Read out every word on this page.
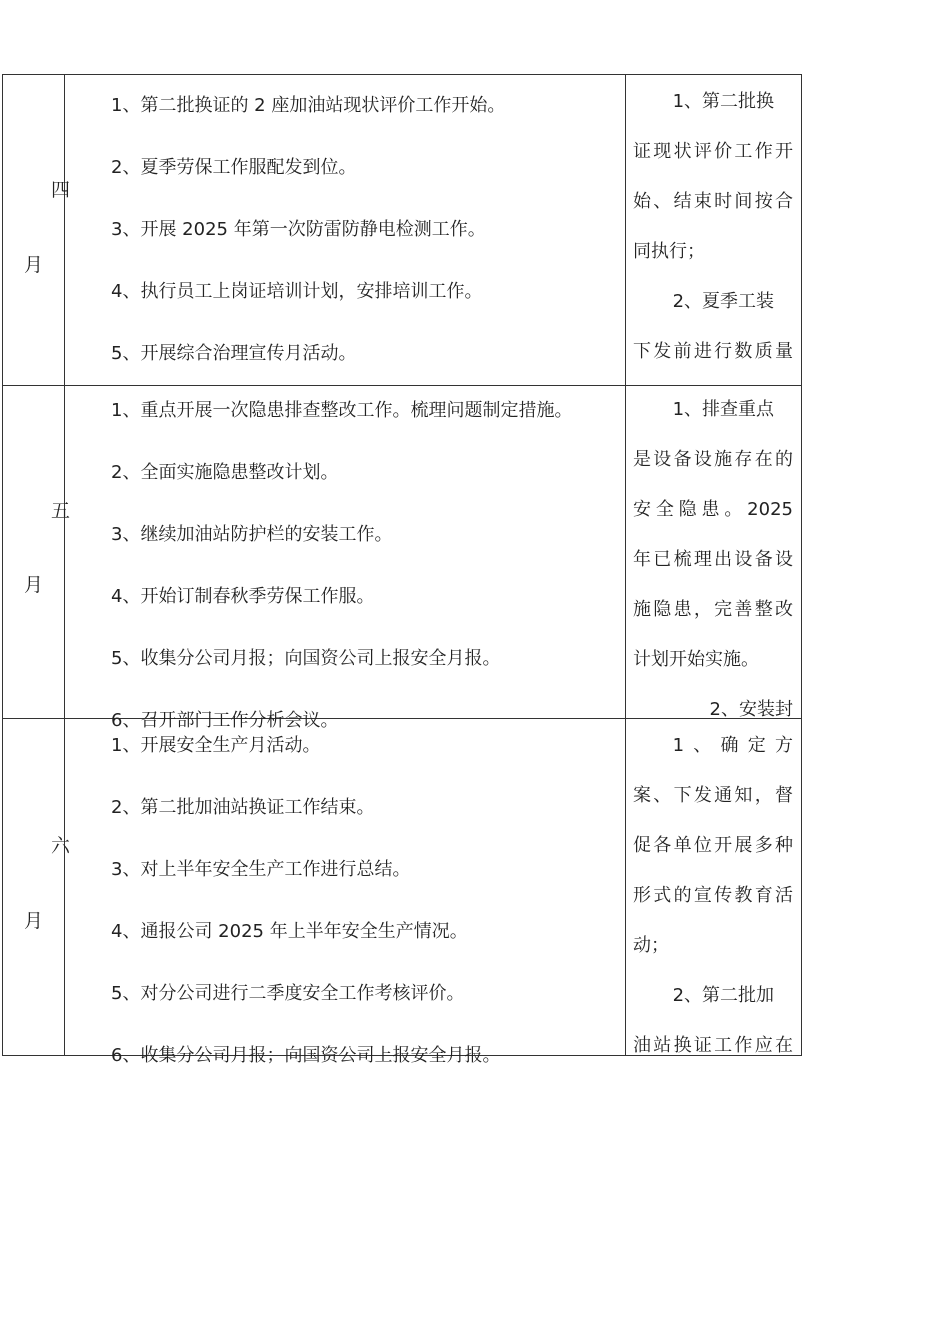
四
月
1、第二批换证的 2 座加油站现状评价工作开始。
2、夏季劳保工作服配发到位。
3、开展 2025 年第一次防雷防静电检测工作。
4、执行员工上岗证培训计划，安排培训工作。
5、开展综合治理宣传月活动。

1、第二批换

证现状评价工作开

始、结束时间按合

同执行；

2、夏季工装

下发前进行数质量

五
月
1、重点开展一次隐患排查整改工作。梳理问题制定措施。
2、全面实施隐患整改计划。
3、继续加油站防护栏的安装工作。
4、开始订制春秋季劳保工作服。
5、收集分公司月报；向国资公司上报安全月报。
6、召开部门工作分析会议。

1、排查重点

是设备设施存在的

安全隐患。2025

年已梳理出设备设

施隐患，完善整改

计划开始实施。

2、安装封

六
月
1、开展安全生产月活动。
2、第二批加油站换证工作结束。
3、对上半年安全生产工作进行总结。
4、通报公司 2025 年上半年安全生产情况。
5、对分公司进行二季度安全工作考核评价。
6、收集分公司月报；向国资公司上报安全月报。

1、确定方

案、下发通知，督

促各单位开展多种

形式的宣传教育活

动；

2、第二批加

油站换证工作应在
